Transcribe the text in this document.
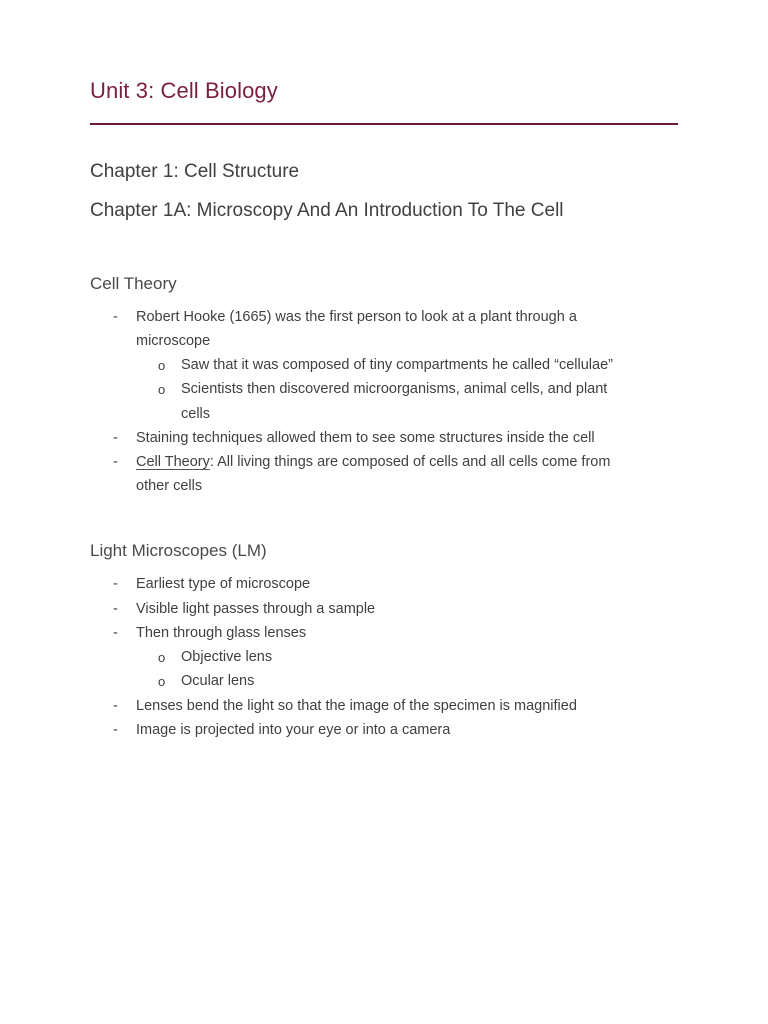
Unit 3: Cell Biology
Chapter 1: Cell Structure
Chapter 1A: Microscopy And An Introduction To The Cell
Cell Theory
- Robert Hooke (1665) was the first person to look at a plant through a
microscope
o Saw that it was composed of tiny compartments he called “cellulae”
o Scientists then discovered microorganisms, animal cells, and plant
cells
- Staining techniques allowed them to see some structures inside the cell
- Cell Theory: All living things are composed of cells and all cells come from
other cells
Light Microscopes (LM)
- Earliest type of microscope
- Visible light passes through a sample
- Then through glass lenses
o Objective lens
o Ocular lens
- Lenses bend the light so that the image of the specimen is magnified
- Image is projected into your eye or into a camera
